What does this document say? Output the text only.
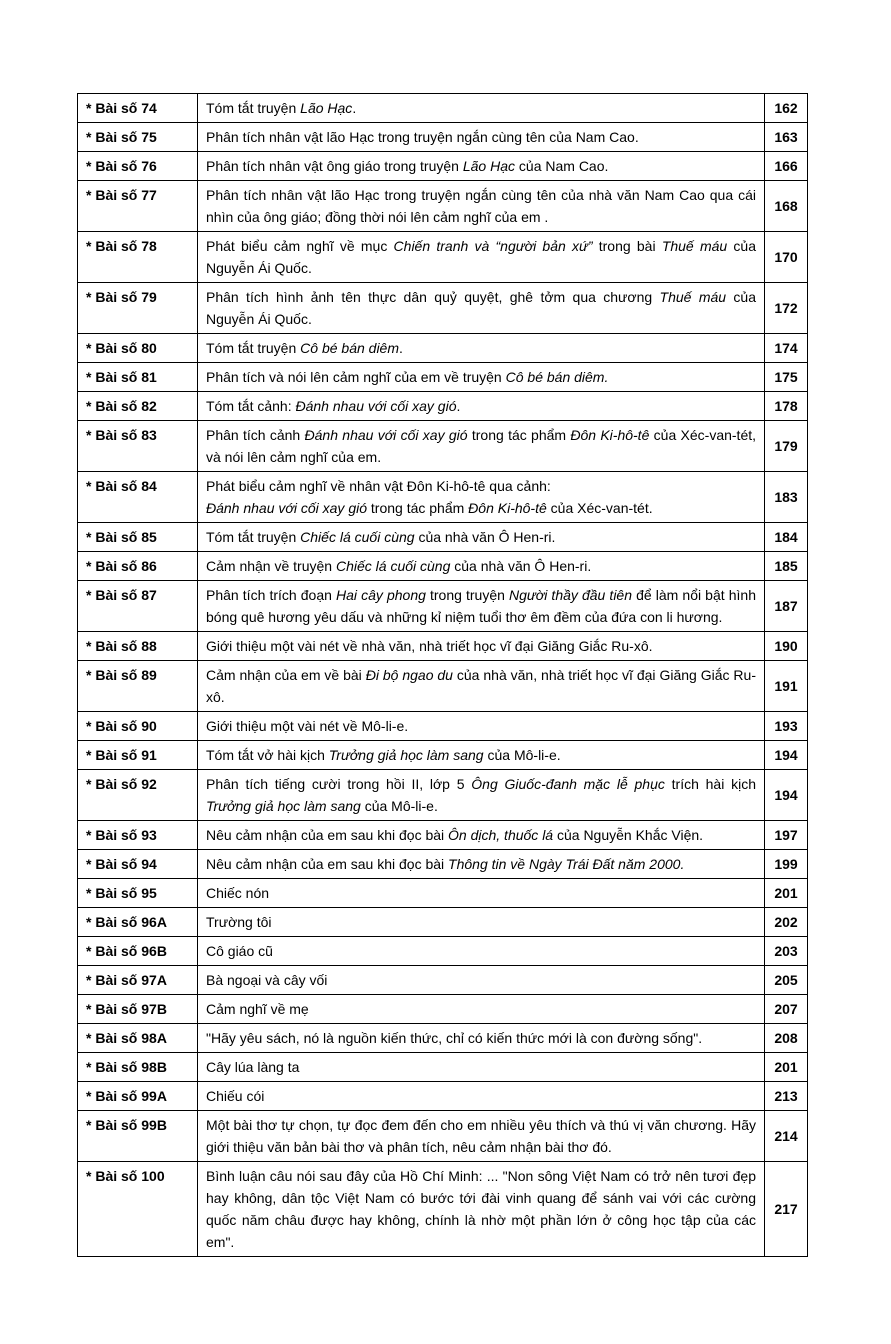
* Bài số 74	Tóm tắt truyện Lão Hạc.	162
* Bài số 75	Phân tích nhân vật lão Hạc trong truyện ngắn cùng tên của Nam Cao.	163
* Bài số 76	Phân tích nhân vật ông giáo trong truyện Lão Hạc của Nam Cao.	166
* Bài số 77	Phân tích nhân vật lão Hạc trong truyện ngắn cùng tên của nhà văn Nam Cao qua cái nhìn của ông giáo; đồng thời nói lên cảm nghĩ của em .	168
* Bài số 78	Phát biểu cảm nghĩ về mục Chiến tranh và “người bản xứ” trong bài Thuế máu của Nguyễn Ái Quốc.	170
* Bài số 79	Phân tích hình ảnh tên thực dân quỷ quyệt, ghê tởm qua chương Thuế máu của Nguyễn Ái Quốc.	172
* Bài số 80	Tóm tắt truyện Cô bé bán diêm.	174
* Bài số 81	Phân tích và nói lên cảm nghĩ của em về truyện Cô bé bán diêm.	175
* Bài số 82	Tóm tắt cảnh: Đánh nhau với cối xay gió.	178
* Bài số 83	Phân tích cảnh Đánh nhau với cối xay gió trong tác phẩm Đôn Ki-hô-tê của Xéc-van-tét, và nói lên cảm nghĩ của em.	179
* Bài số 84	Phát biểu cảm nghĩ về nhân vật Đôn Ki-hô-tê qua cảnh:
Đánh nhau với cối xay gió trong tác phẩm Đôn Ki-hô-tê của Xéc-van-tét.	183
* Bài số 85	Tóm tắt truyện Chiếc lá cuối cùng của nhà văn Ô Hen-ri.	184
* Bài số 86	Cảm nhận về truyện Chiếc lá cuối cùng của nhà văn Ô Hen-ri.	185
* Bài số 87	Phân tích trích đoạn Hai cây phong trong truyện Người thầy đầu tiên để làm nổi bật hình bóng quê hương yêu dấu và những kỉ niệm tuổi thơ êm đềm của đứa con li hương.	187
* Bài số 88	Giới thiệu một vài nét về nhà văn, nhà triết học vĩ đại Giăng Giắc Ru-xô.	190
* Bài số 89	Cảm nhận của em về bài Đi bộ ngao du của nhà văn, nhà triết học vĩ đại Giăng Giắc Ru-xô.	191
* Bài số 90	Giới thiệu một vài nét về Mô-li-e.	193
* Bài số 91	Tóm tắt vở hài kịch Trưởng giả học làm sang của Mô-li-e.	194
* Bài số 92	Phân tích tiếng cười trong hồi II, lớp 5 Ông Giuốc-đanh mặc lễ phục trích hài kịch Trưởng giả học làm sang của Mô-li-e.	194
* Bài số 93	Nêu cảm nhận của em sau khi đọc bài Ôn dịch, thuốc lá của Nguyễn Khắc Viện.	197
* Bài số 94	Nêu cảm nhận của em sau khi đọc bài Thông tin về Ngày Trái Đất năm 2000.	199
* Bài số 95	Chiếc nón	201
* Bài số 96A	Trường tôi	202
* Bài số 96B	Cô giáo cũ	203
* Bài số 97A	Bà ngoại và cây vối	205
* Bài số 97B	Cảm nghĩ về mẹ	207
* Bài số 98A	"Hãy yêu sách, nó là nguồn kiến thức, chỉ có kiến thức mới là con đường sống".	208
* Bài số 98B	Cây lúa làng ta	201
* Bài số 99A	Chiếu cói	213
* Bài số 99B	Một bài thơ tự chọn, tự đọc đem đến cho em nhiều yêu thích và thú vị văn chương. Hãy giới thiệu văn bản bài thơ và phân tích, nêu cảm nhận bài thơ đó.	214
* Bài số 100	Bình luận câu nói sau đây của Hồ Chí Minh: ... "Non sông Việt Nam có trở nên tươi đẹp hay không, dân tộc Việt Nam có bước tới đài vinh quang để sánh vai với các cường quốc năm châu được hay không, chính là nhờ một phần lớn ở công học tập của các em".	217
